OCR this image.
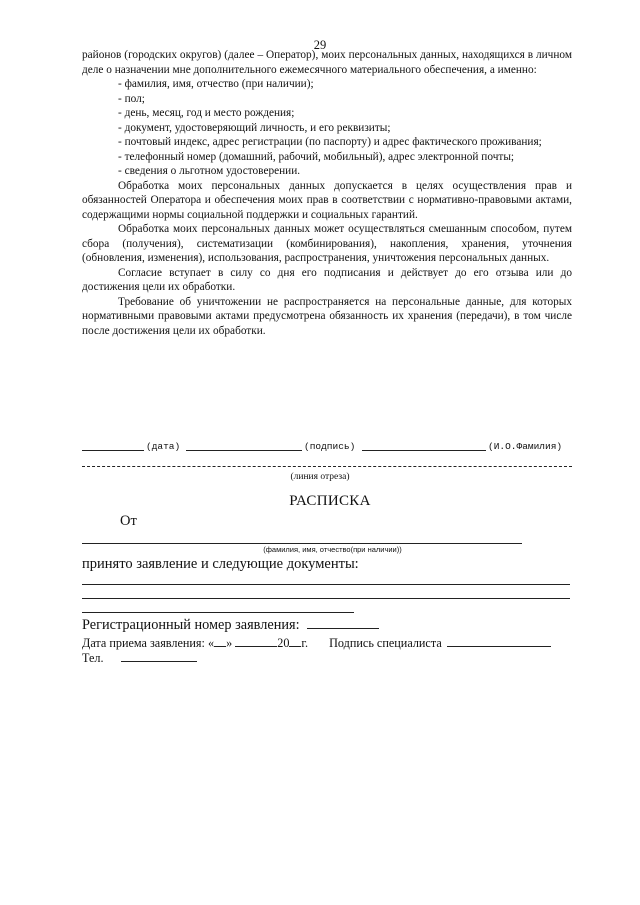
29

районов (городских округов) (далее – Оператор), моих персональных данных, находящихся в личном деле о назначении мне дополнительного ежемесячного материального обеспечения, а именно:

- фамилия, имя, отчество (при наличии);

- пол;

- день, месяц, год и место рождения;

- документ, удостоверяющий личность, и его реквизиты;

- почтовый индекс, адрес регистрации (по паспорту) и адрес фактического проживания;

- телефонный номер (домашний, рабочий, мобильный), адрес электронной почты;

- сведения о льготном удостоверении.

Обработка моих персональных данных допускается в целях осуществления прав и обязанностей Оператора и обеспечения моих прав в соответствии с нормативно-правовыми актами, содержащими нормы социальной поддержки и социальных гарантий.

Обработка моих персональных данных может осуществляться смешанным способом, путем сбора (получения), систематизации (комбинирования), накопления, хранения, уточнения (обновления, изменения), использования, распространения, уничтожения персональных данных.

Согласие вступает в силу со дня его подписания и действует до его отзыва или до достижения цели их обработки.

Требование об уничтожении не распространяется на персональные данные, для которых нормативными правовыми актами предусмотрена обязанность их хранения (передачи), в том числе после достижения цели их обработки.

(дата)	(подпись)	(И.О.Фамилия)
(линия отреза)
РАСПИСКА
От
(фамилия, имя, отчество(при наличии))
принято заявление и следующие документы:
Регистрационный номер заявления:
Дата приема заявления: « »	20 г. Подпись специалиста
Тел.
